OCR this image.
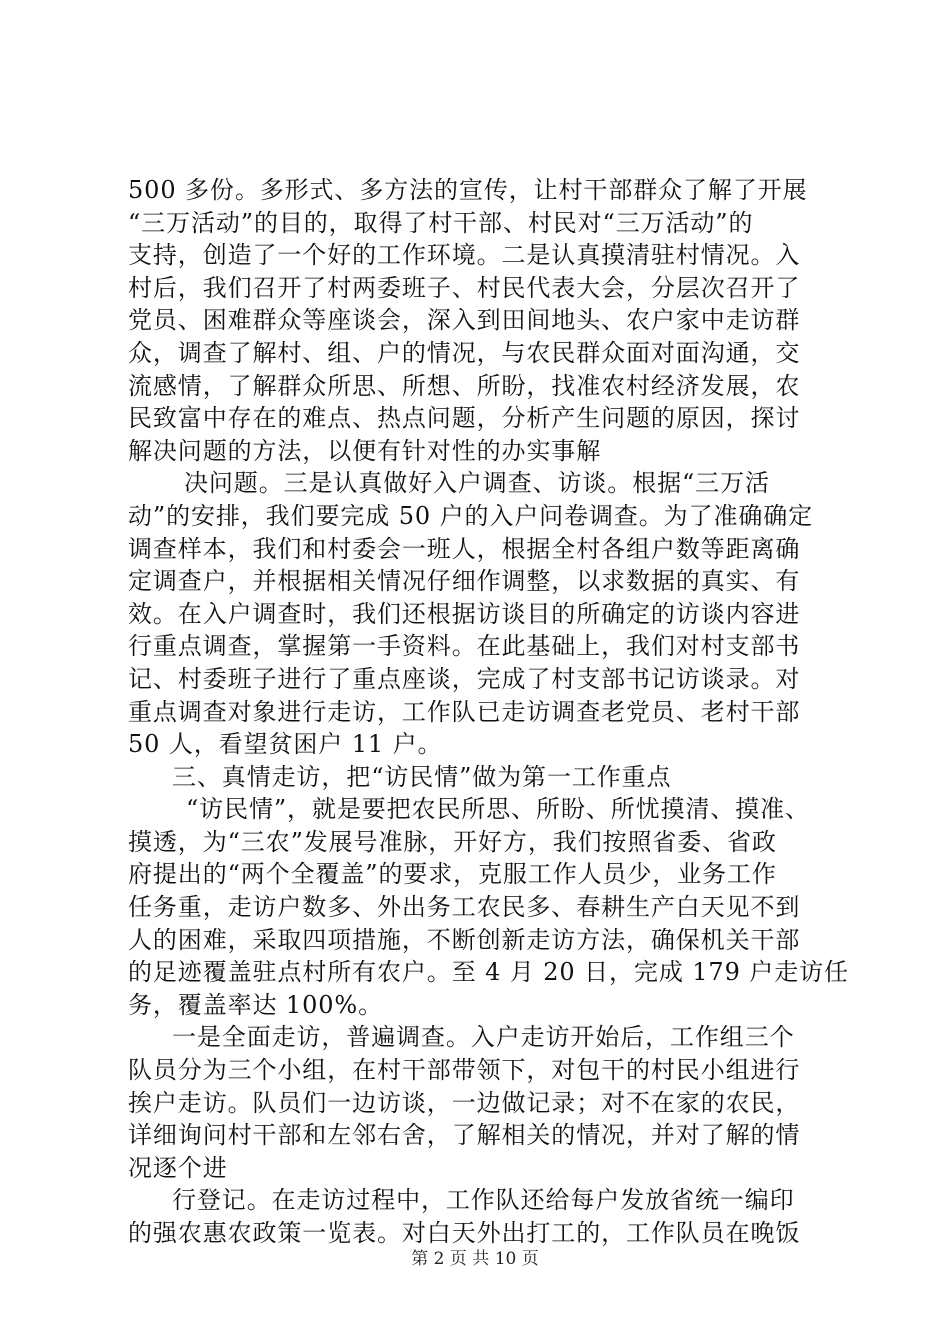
500 多份。多形式、多方法的宣传，让村干部群众了解了开展
“三万活动”的目的，取得了村干部、村民对“三万活动”的
支持，创造了一个好的工作环境。二是认真摸清驻村情况。入
村后，我们召开了村两委班子、村民代表大会，分层次召开了
党员、困难群众等座谈会，深入到田间地头、农户家中走访群
众，调查了解村、组、户的情况，与农民群众面对面沟通，交
流感情，了解群众所思、所想、所盼，找准农村经济发展，农
民致富中存在的难点、热点问题，分析产生问题的原因，探讨
解决问题的方法，以便有针对性的办实事解
决问题。三是认真做好入户调查、访谈。根据“三万活
动”的安排，我们要完成 50 户的入户问卷调查。为了准确确定
调查样本，我们和村委会一班人，根据全村各组户数等距离确
定调查户，并根据相关情况仔细作调整，以求数据的真实、有
效。在入户调查时，我们还根据访谈目的所确定的访谈内容进
行重点调查，掌握第一手资料。在此基础上，我们对村支部书
记、村委班子进行了重点座谈，完成了村支部书记访谈录。对
重点调查对象进行走访，工作队已走访调查老党员、老村干部
50 人，看望贫困户 11 户。
三、真情走访，把“访民情”做为第一工作重点
“访民情”，就是要把农民所思、所盼、所忧摸清、摸准、
摸透，为“三农”发展号准脉，开好方，我们按照省委、省政
府提出的“两个全覆盖”的要求，克服工作人员少，业务工作
任务重，走访户数多、外出务工农民多、春耕生产白天见不到
人的困难，采取四项措施，不断创新走访方法，确保机关干部
的足迹覆盖驻点村所有农户。至 4 月 20 日，完成 179 户走访任
务，覆盖率达 100%。
一是全面走访，普遍调查。入户走访开始后，工作组三个
队员分为三个小组，在村干部带领下，对包干的村民小组进行
挨户走访。队员们一边访谈，一边做记录；对不在家的农民，
详细询问村干部和左邻右舍，了解相关的情况，并对了解的情
况逐个进
行登记。在走访过程中，工作队还给每户发放省统一编印
的强农惠农政策一览表。对白天外出打工的，工作队员在晚饭
第 2 页 共 10 页
